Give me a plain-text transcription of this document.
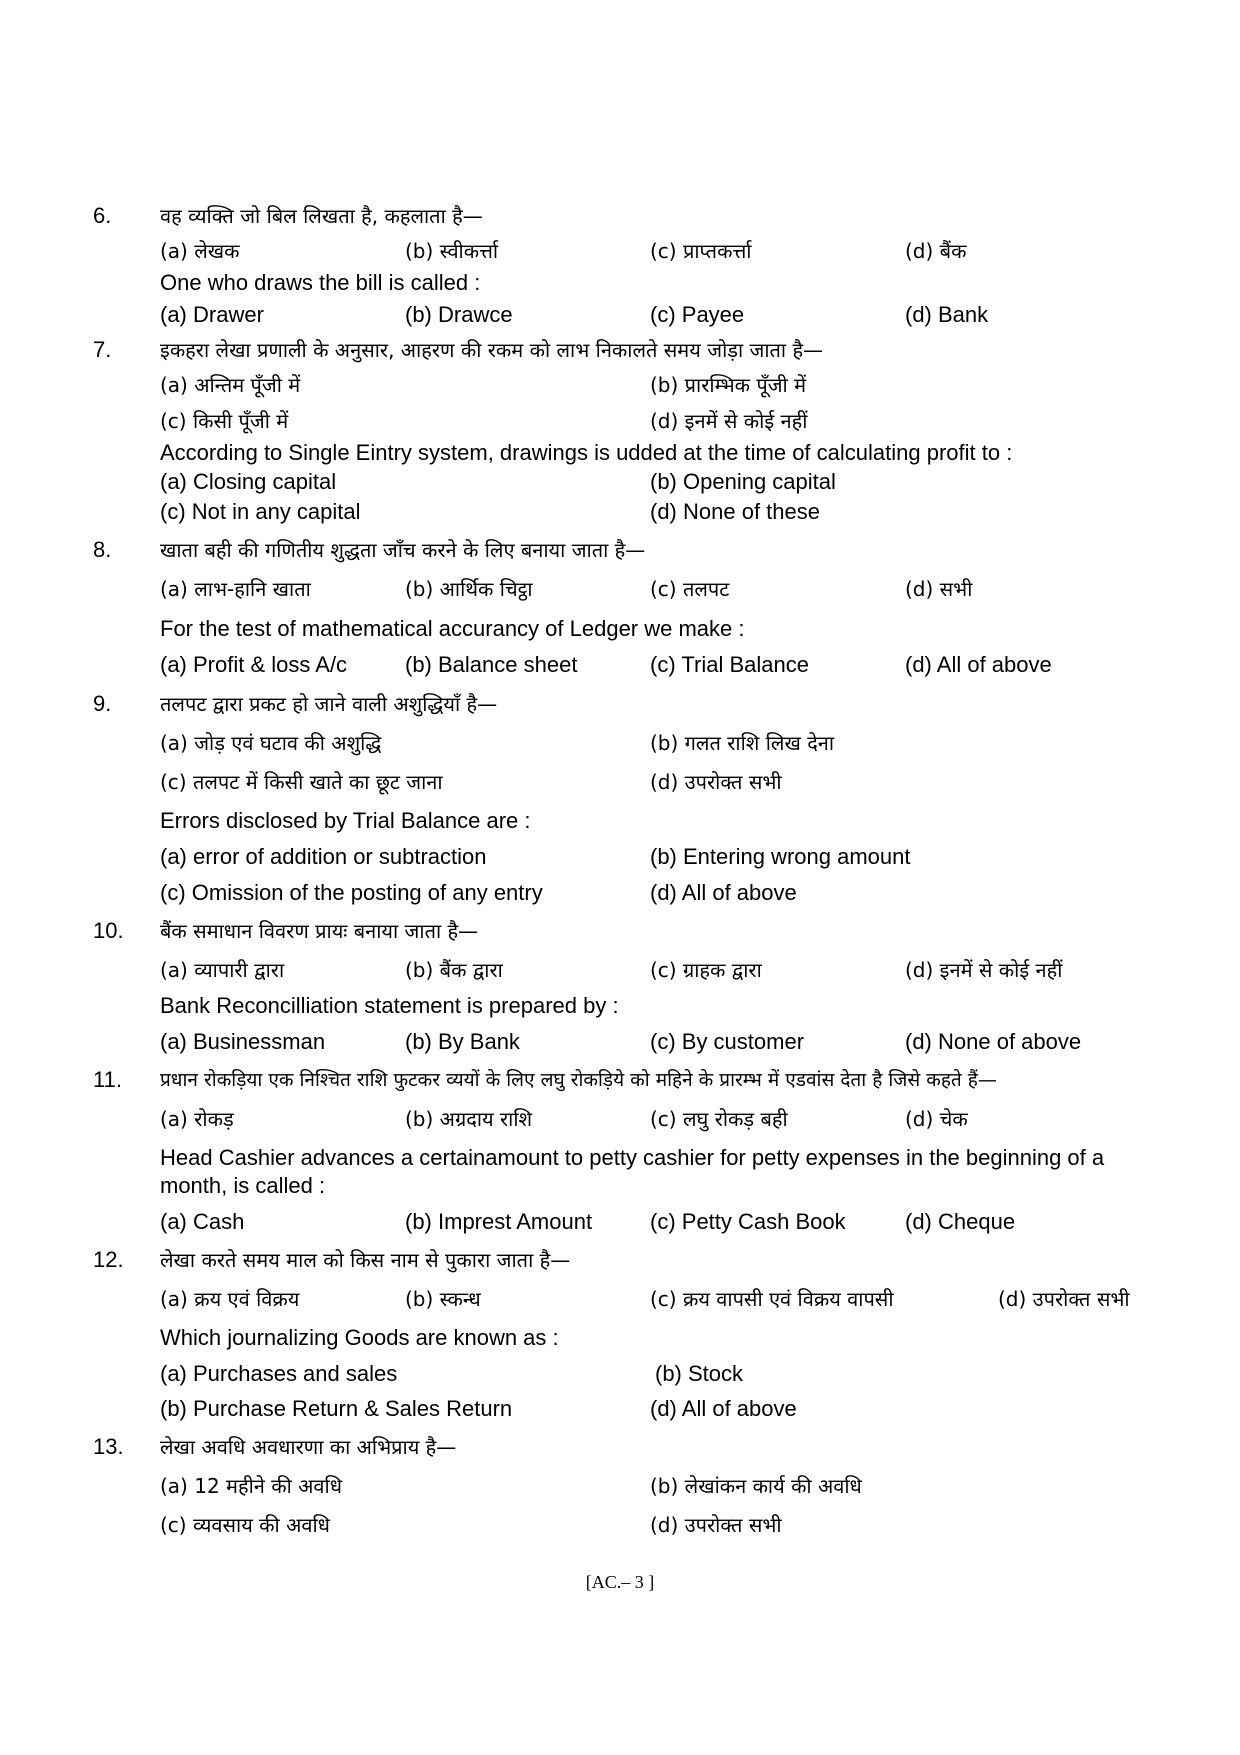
6. वह व्यक्ति जो बिल लिखता है, कहलाता है—
(a) लेखक	(b) स्वीकर्त्ता	(c) प्राप्तकर्त्ता	(d) बैंक
One who draws the bill is called :
(a) Drawer	(b) Drawce	(c) Payee	(d) Bank
7. इकहरा लेखा प्रणाली के अनुसार, आहरण की रकम को लाभ निकालते समय जोड़ा जाता है—
(a) अन्तिम पूँजी में	(b) प्रारम्भिक पूँजी में
(c) किसी पूँजी में	(d) इनमें से कोई नहीं
According to Single Eintry system, drawings is udded at the time of calculating profit to :
(a) Closing capital	(b) Opening capital
(c) Not in any capital	(d) None of these
8. खाता बही की गणितीय शुद्धता जाँच करने के लिए बनाया जाता है—
(a) लाभ-हानि खाता	(b) आर्थिक चिट्ठा	(c) तलपट	(d) सभी
For the test of mathematical accurancy of Ledger we make :
(a) Profit & loss A/c	(b) Balance sheet	(c) Trial Balance	(d) All of above
9. तलपट द्वारा प्रकट हो जाने वाली अशुद्धियाँ है—
(a) जोड़ एवं घटाव की अशुद्धि	(b) गलत राशि लिख देना
(c) तलपट में किसी खाते का छूट जाना	(d) उपरोक्त सभी
Errors disclosed by Trial Balance are :
(a) error of addition or subtraction	(b) Entering wrong amount
(c) Omission of the posting of any entry	(d) All of above
10. बैंक समाधान विवरण प्रायः बनाया जाता है—
(a) व्यापारी द्वारा	(b) बैंक द्वारा	(c) ग्राहक द्वारा	(d) इनमें से कोई नहीं
Bank Reconcilliation statement is prepared by :
(a) Businessman	(b) By Bank	(c) By customer	(d) None of above
11. प्रधान रोकड़िया एक निश्चित राशि फुटकर व्ययों के लिए लघु रोकड़िये को महिने के प्रारम्भ में एडवांस देता है जिसे कहते हैं—
(a) रोकड़	(b) अग्रदाय राशि	(c) लघु रोकड़ बही	(d) चेक
Head Cashier advances a certainamount to petty cashier for petty expenses in the beginning of a
month, is called :
(a) Cash	(b) Imprest Amount	(c) Petty Cash Book	(d) Cheque
12. लेखा करते समय माल को किस नाम से पुकारा जाता है—
(a) क्रय एवं विक्रय	(b) स्कन्ध	(c) क्रय वापसी एवं विक्रय वापसी	(d) उपरोक्त सभी
Which journalizing Goods are known as :
(a) Purchases and sales	(b) Stock
(b) Purchase Return & Sales Return	(d) All of above
13. लेखा अवधि अवधारणा का अभिप्राय है—
(a) 12 महीने की अवधि	(b) लेखांकन कार्य की अवधि
(c) व्यवसाय की अवधि	(d) उपरोक्त सभी
[AC.– 3 ]
